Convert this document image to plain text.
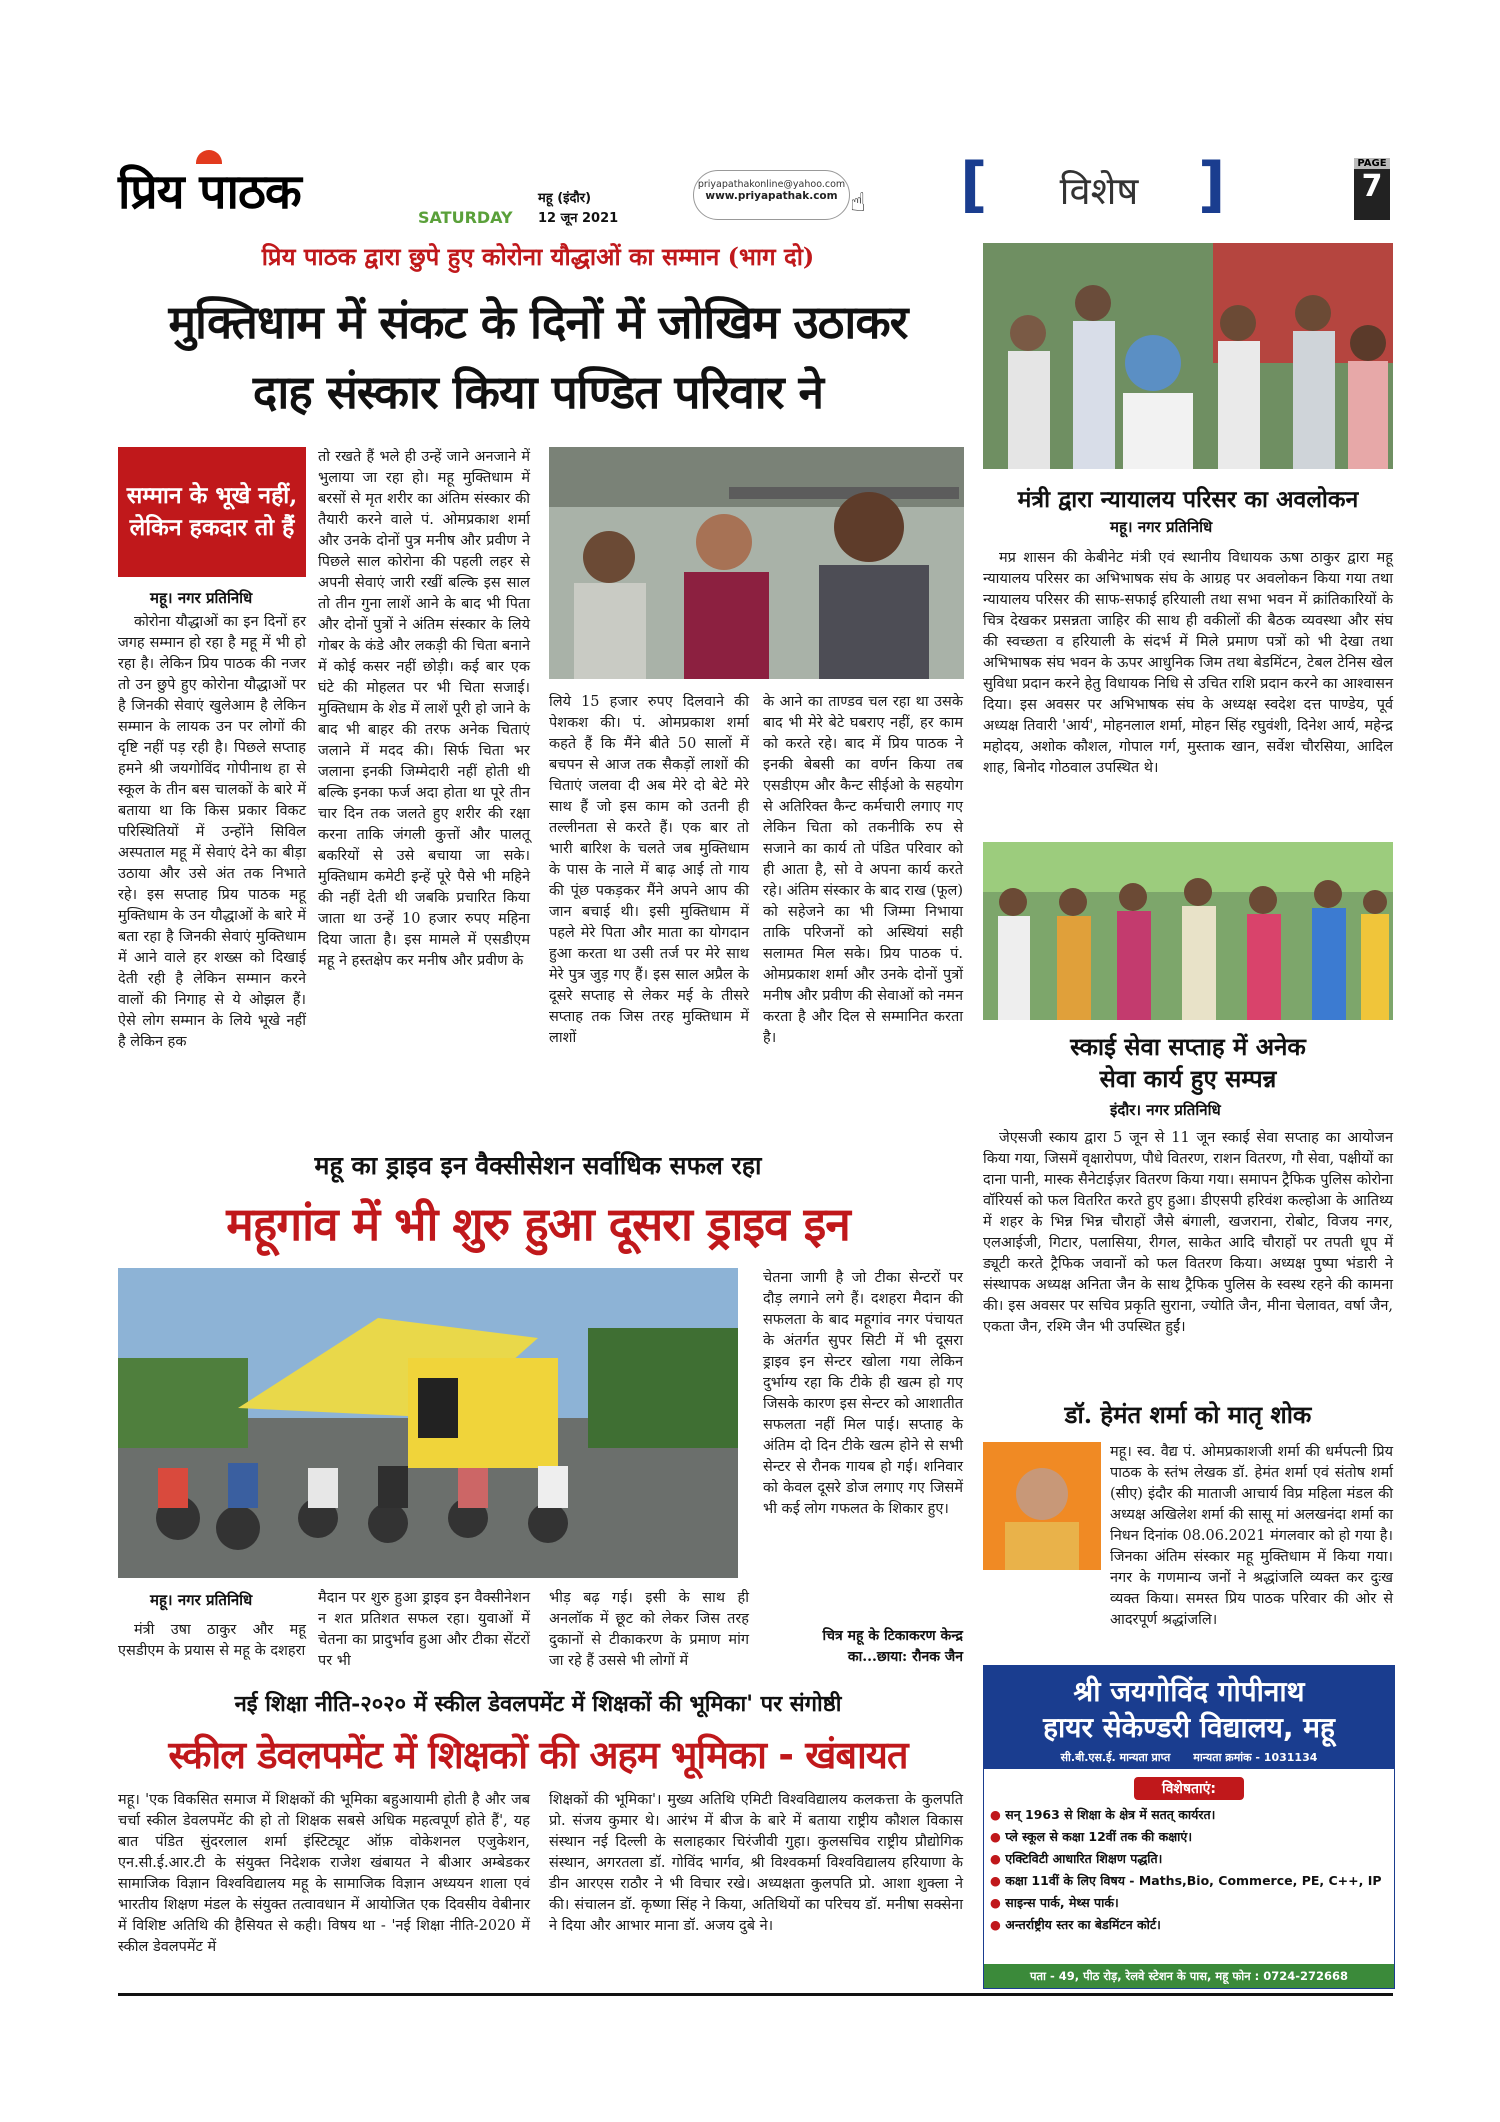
प्रिय पाठक	SATURDAY
महू (इंदौर)
12 जून 2021
priyapathakonline@yahoo.com
www.priyapathak.com ☝ [	विशेष ]	PAGE
7
प्रिय पाठक द्वारा छुपे हुए कोरोना यौद्धाओं का सम्मान (भाग दो)
मुक्तिधाम में संकट के दिनों में जोखिम उठाकर
दाह संस्कार किया पण्डित परिवार ने
सम्मान के भूखे नहीं, लेकिन हकदार तो हैं
महू। नगर प्रतिनिधि

कोरोना यौद्धाओं का इन दिनों हर जगह सम्मान हो रहा है महू में भी हो रहा है। लेकिन प्रिय पाठक की नजर तो उन छुपे हुए कोरोना यौद्धाओं पर है जिनकी सेवाएं खुलेआम है लेकिन सम्मान के लायक उन पर लोगों की दृष्टि नहीं पड़ रही है। पिछले सप्ताह हमने श्री जयगोविंद गोपीनाथ हा से स्कूल के तीन बस चालकों के बारे में बताया था कि किस प्रकार विकट परिस्थितियों में उन्होंने सिविल अस्पताल महू में सेवाएं देने का बीड़ा उठाया और उसे अंत तक निभाते रहे। इस सप्ताह प्रिय पाठक महू मुक्तिधाम के उन यौद्धाओं के बारे में बता रहा है जिनकी सेवाएं मुक्तिधाम में आने वाले हर शख्स को दिखाई देती रही है लेकिन सम्मान करने वालों की निगाह से ये ओझल हैं। ऐसे लोग सम्मान के लिये भूखे नहीं है लेकिन हक

तो रखते हैं भले ही उन्हें जाने अनजाने में भुलाया जा रहा हो। महू मुक्तिधाम में बरसों से मृत शरीर का अंतिम संस्कार की तैयारी करने वाले पं. ओमप्रकाश शर्मा और उनके दोनों पुत्र मनीष और प्रवीण ने पिछले साल कोरोना की पहली लहर से अपनी सेवाएं जारी रखीं बल्कि इस साल तो तीन गुना लाशें आने के बाद भी पिता और दोनों पुत्रों ने अंतिम संस्कार के लिये गोबर के कंडे और लकड़ी की चिता बनाने में कोई कसर नहीं छोड़ी। कई बार एक घंटे की मोहलत पर भी चिता सजाई। मुक्तिधाम के शेड में लाशें पूरी हो जाने के बाद भी बाहर की तरफ अनेक चिताएं जलाने में मदद की। सिर्फ चिता भर जलाना इनकी जिम्मेदारी नहीं होती थी बल्कि इनका फर्ज अदा होता था पूरे तीन चार दिन तक जलते हुए शरीर की रक्षा करना ताकि जंगली कुत्तों और पालतू बकरियों से उसे बचाया जा सके। मुक्तिधाम कमेटी इन्हें पूरे पैसे भी महिने की नहीं देती थी जबकि प्रचारित किया जाता था उन्हें 10 हजार रुपए महिना दिया जाता है। इस मामले में एसडीएम महू ने हस्तक्षेप कर मनीष और प्रवीण के

लिये 15 हजार रुपए दिलवाने की पेशकश की। पं. ओमप्रकाश शर्मा कहते हैं कि मैंने बीते 50 सालों में बचपन से आज तक सैकड़ों लाशों की चिताएं जलवा दी अब मेरे दो बेटे मेरे साथ हैं जो इस काम को उतनी ही तल्लीनता से करते हैं। एक बार तो भारी बारिश के चलते जब मुक्तिधाम के पास के नाले में बाढ़ आई तो गाय की पूंछ पकड़कर मैंने अपने आप की जान बचाई थी। इसी मुक्तिधाम में पहले मेरे पिता और माता का योगदान हुआ करता था उसी तर्ज पर मेरे साथ मेरे पुत्र जुड़ गए हैं। इस साल अप्रैल के दूसरे सप्ताह से लेकर मई के तीसरे सप्ताह तक जिस तरह मुक्तिधाम में लाशों

के आने का ताण्डव चल रहा था उसके बाद भी मेरे बेटे घबराए नहीं, हर काम को करते रहे। बाद में प्रिय पाठक ने इनकी बेबसी का वर्णन किया तब एसडीएम और कैन्ट सीईओ के सहयोग से अतिरिक्त कैन्ट कर्मचारी लगाए गए लेकिन चिता को तकनीकि रुप से सजाने का कार्य तो पंडित परिवार को ही आता है, सो वे अपना कार्य करते रहे। अंतिम संस्कार के बाद राख (फूल) को सहेजने का भी जिम्मा निभाया ताकि परिजनों को अस्थियां सही सलामत मिल सके। प्रिय पाठक पं. ओमप्रकाश शर्मा और उनके दोनों पुत्रों मनीष और प्रवीण की सेवाओं को नमन करता है और दिल से सम्मानित करता है।

मंत्री द्वारा न्यायालय परिसर का अवलोकन
महू। नगर प्रतिनिधि

मप्र शासन की केबीनेट मंत्री एवं स्थानीय विधायक ऊषा ठाकुर द्वारा महू न्यायालय परिसर का अभिभाषक संघ के आग्रह पर अवलोकन किया गया तथा न्यायालय परिसर की साफ-सफाई हरियाली तथा सभा भवन में क्रांतिकारियों के चित्र देखकर प्रसन्नता जाहिर की साथ ही वकीलों की बैठक व्यवस्था और संघ की स्वच्छता व हरियाली के संदर्भ में मिले प्रमाण पत्रों को भी देखा तथा अभिभाषक संघ भवन के ऊपर आधुनिक जिम तथा बेडमिंटन, टेबल टेनिस खेल सुविधा प्रदान करने हेतु विधायक निधि से उचित राशि प्रदान करने का आश्वासन दिया। इस अवसर पर अभिभाषक संघ के अध्यक्ष स्वदेश दत्त पाण्डेय, पूर्व अध्यक्ष तिवारी 'आर्य', मोहनलाल शर्मा, मोहन सिंह रघुवंशी, दिनेश आर्य, महेन्द्र महोदय, अशोक कौशल, गोपाल गर्ग, मुस्ताक खान, सर्वेश चौरसिया, आदिल शाह, बिनोद गोठवाल उपस्थित थे।

स्काई सेवा सप्ताह में अनेक
सेवा कार्य हुए सम्पन्न
इंदौर। नगर प्रतिनिधि

जेएसजी स्काय द्वारा 5 जून से 11 जून स्काई सेवा सप्ताह का आयोजन किया गया, जिसमें वृक्षारोपण, पौधे वितरण, राशन वितरण, गौ सेवा, पक्षीयों का दाना पानी, मास्क सैनेटाईज़र वितरण किया गया। समापन ट्रैफिक पुलिस कोरोना वॉरियर्स को फल वितरित करते हुए हुआ। डीएसपी हरिवंश कल्होआ के आतिथ्य में शहर के भिन्न भिन्न चौराहों जैसे बंगाली, खजराना, रोबोट, विजय नगर, एलआईजी, गिटार, पलासिया, रीगल, साकेत आदि चौराहों पर तपती धूप में ड्यूटी करते ट्रैफिक जवानों को फल वितरण किया। अध्यक्ष पुष्पा भंडारी ने संस्थापक अध्यक्ष अनिता जैन के साथ ट्रैफिक पुलिस के स्वस्थ रहने की कामना की। इस अवसर पर सचिव प्रकृति सुराना, ज्योति जैन, मीना चेलावत, वर्षा जैन, एकता जैन, रश्मि जैन भी उपस्थित हुईं।

डॉ. हेमंत शर्मा को मातृ शोक

महू। स्व. वैद्य पं. ओमप्रकाशजी शर्मा की धर्मपत्नी प्रिय पाठक के स्तंभ लेखक डॉ. हेमंत शर्मा एवं संतोष शर्मा (सीए) इंदौर की माताजी आचार्य विप्र महिला मंडल की अध्यक्ष अखिलेश शर्मा की सासू मां अलखनंदा शर्मा का निधन दिनांक 08.06.2021 मंगलवार को हो गया है। जिनका अंतिम संस्कार महू मुक्तिधाम में किया गया। नगर के गणमान्य जनों ने श्रद्धांजलि व्यक्त कर दुःख व्यक्त किया। समस्त प्रिय पाठक परिवार की ओर से आदरपूर्ण श्रद्धांजलि।

महू का ड्राइव इन वैक्सीसेशन सर्वाधिक सफल रहा
महूगांव में भी शुरु हुआ दूसरा ड्राइव इन
महू। नगर प्रतिनिधि

मंत्री उषा ठाकुर और महू एसडीएम के प्रयास से महू के दशहरा

मैदान पर शुरु हुआ ड्राइव इन वैक्सीनेशन न शत प्रतिशत सफल रहा। युवाओं में चेतना का प्रादुर्भाव हुआ और टीका सेंटरों पर भी

भीड़ बढ़ गई। इसी के साथ ही अनलॉक में छूट को लेकर जिस तरह दुकानों से टीकाकरण के प्रमाण मांग जा रहे हैं उससे भी लोगों में

चेतना जागी है जो टीका सेन्टरों पर दौड़ लगाने लगे हैं। दशहरा मैदान की सफलता के बाद महूगांव नगर पंचायत के अंतर्गत सुपर सिटी में भी दूसरा ड्राइव इन सेन्टर खोला गया लेकिन दुर्भाग्य रहा कि टीके ही खत्म हो गए जिसके कारण इस सेन्टर को आशातीत सफलता नहीं मिल पाई। सप्ताह के अंतिम दो दिन टीके खत्म होने से सभी सेन्टर से रौनक गायब हो गई। शनिवार को केवल दूसरे डोज लगाए गए जिसमें भी कई लोग गफलत के शिकार हुए।

चित्र महू के टिकाकरण केन्द्र का...छाया: रौनक जैन
नई शिक्षा नीति-२०२० में स्कील डेवलपमेंट में शिक्षकों की भूमिका' पर संगोष्ठी
स्कील डेवलपमेंट में शिक्षकों की अहम भूमिका - खंबायत

महू। 'एक विकसित समाज में शिक्षकों की भूमिका बहुआयामी होती है और जब चर्चा स्कील डेवलपमेंट की हो तो शिक्षक सबसे अधिक महत्वपूर्ण होते हैं', यह बात पंडित सुंदरलाल शर्मा इंस्टिट्यूट ऑफ़ वोकेशनल एजुकेशन, एन.सी.ई.आर.टी के संयुक्त निदेशक राजेश खंबायत ने बीआर अम्बेडकर सामाजिक विज्ञान विश्वविद्यालय महू के सामाजिक विज्ञान अध्ययन शाला एवं भारतीय शिक्षण मंडल के संयुक्त तत्वावधान में आयोजित एक दिवसीय वेबीनार में विशिष्ट अतिथि की हैसियत से कही। विषय था - 'नई शिक्षा नीति-2020 में स्कील डेवलपमेंट में

शिक्षकों की भूमिका'। मुख्य अतिथि एमिटी विश्वविद्यालय कलकत्ता के कुलपति प्रो. संजय कुमार थे। आरंभ में बीज के बारे में बताया राष्ट्रीय कौशल विकास संस्थान नई दिल्ली के सलाहकार चिरंजीवी गुहा। कुलसचिव राष्ट्रीय प्रौद्योगिक संस्थान, अगरतला डॉ. गोविंद भार्गव, श्री विश्वकर्मा विश्वविद्यालय हरियाणा के डीन आरएस राठौर ने भी विचार रखे। अध्यक्षता कुलपति प्रो. आशा शुक्ला ने की। संचालन डॉ. कृष्णा सिंह ने किया, अतिथियों का परिचय डॉ. मनीषा सक्सेना ने दिया और आभार माना डॉ. अजय दुबे ने।

श्री जयगोविंद गोपीनाथ
हायर सेकेण्डरी विद्यालय, महू
सी.बी.एस.ई. मान्यता प्राप्त      मान्यता क्रमांक - 1031134
विशेषताएं:
● सन् 1963 से शिक्षा के क्षेत्र में सतत् कार्यरत।
● प्ले स्कूल से कक्षा 12वीं तक की कक्षाएं।
● एक्टिविटी आधारित शिक्षण पद्धति।
● कक्षा 11वीं के लिए विषय - Maths,Bio, Commerce, PE, C++, IP
● साइन्स पार्क, मेथ्स पार्क।
● अन्तर्राष्ट्रीय स्तर का बेडमिंटन कोर्ट।
पता - 49, पीठ रोड़, रेलवे स्टेशन के पास, महू फोन : 0724-272668
